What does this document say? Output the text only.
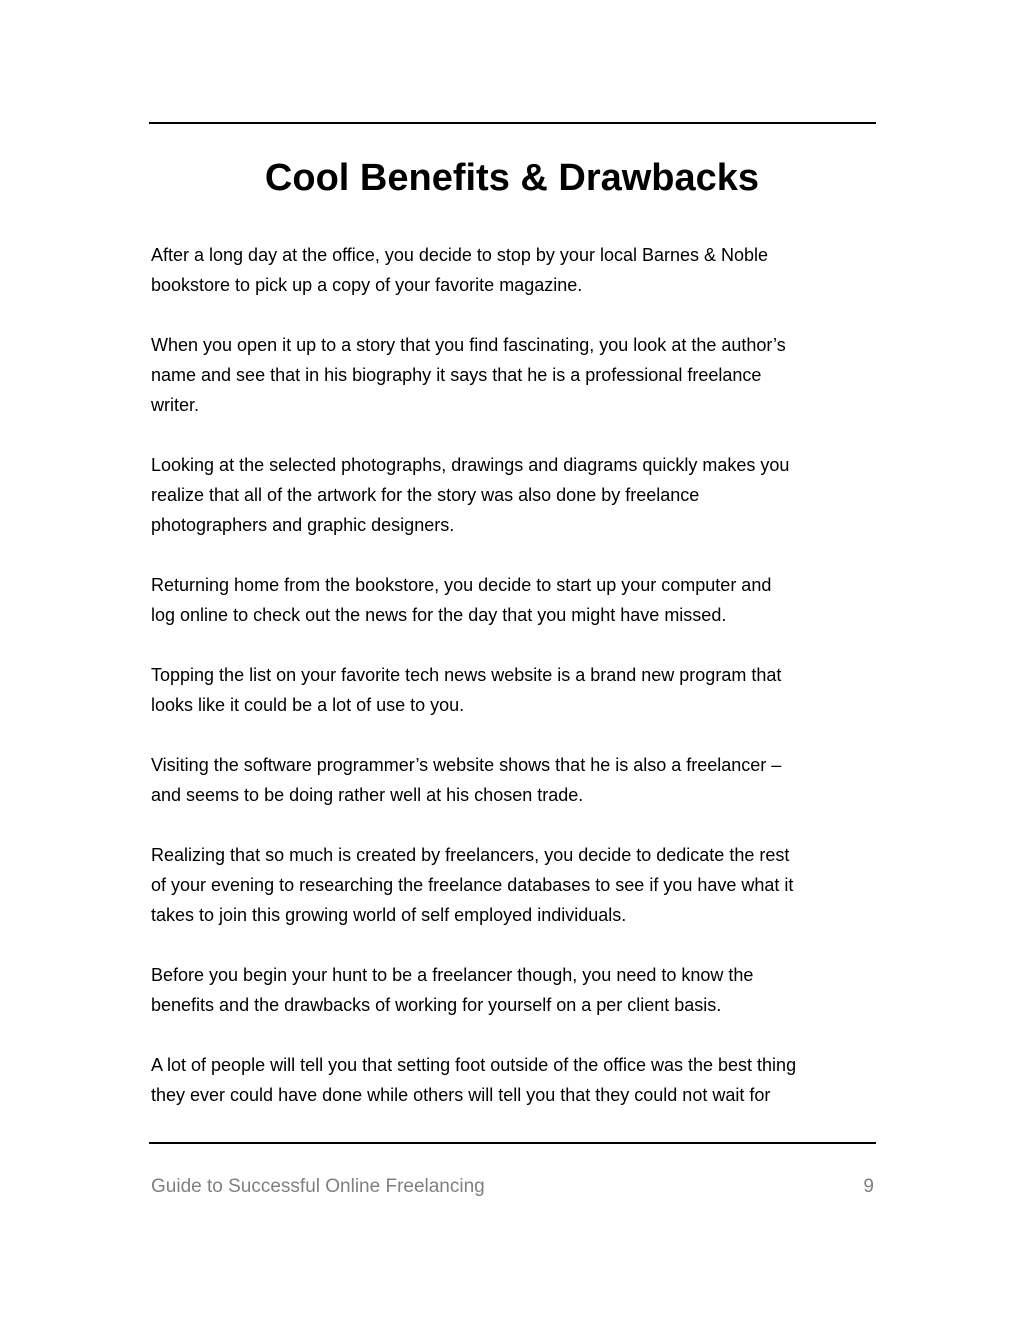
Cool Benefits & Drawbacks

After a long day at the office, you decide to stop by your local Barnes & Noble
bookstore to pick up a copy of your favorite magazine.

When you open it up to a story that you find fascinating, you look at the author’s
name and see that in his biography it says that he is a professional freelance
writer.

Looking at the selected photographs, drawings and diagrams quickly makes you
realize that all of the artwork for the story was also done by freelance
photographers and graphic designers.

Returning home from the bookstore, you decide to start up your computer and
log online to check out the news for the day that you might have missed.

Topping the list on your favorite tech news website is a brand new program that
looks like it could be a lot of use to you.

Visiting the software programmer’s website shows that he is also a freelancer –
and seems to be doing rather well at his chosen trade.

Realizing that so much is created by freelancers, you decide to dedicate the rest
of your evening to researching the freelance databases to see if you have what it
takes to join this growing world of self employed individuals.

Before you begin your hunt to be a freelancer though, you need to know the
benefits and the drawbacks of working for yourself on a per client basis.

A lot of people will tell you that setting foot outside of the office was the best thing
they ever could have done while others will tell you that they could not wait for

Guide to Successful Online Freelancing	9
